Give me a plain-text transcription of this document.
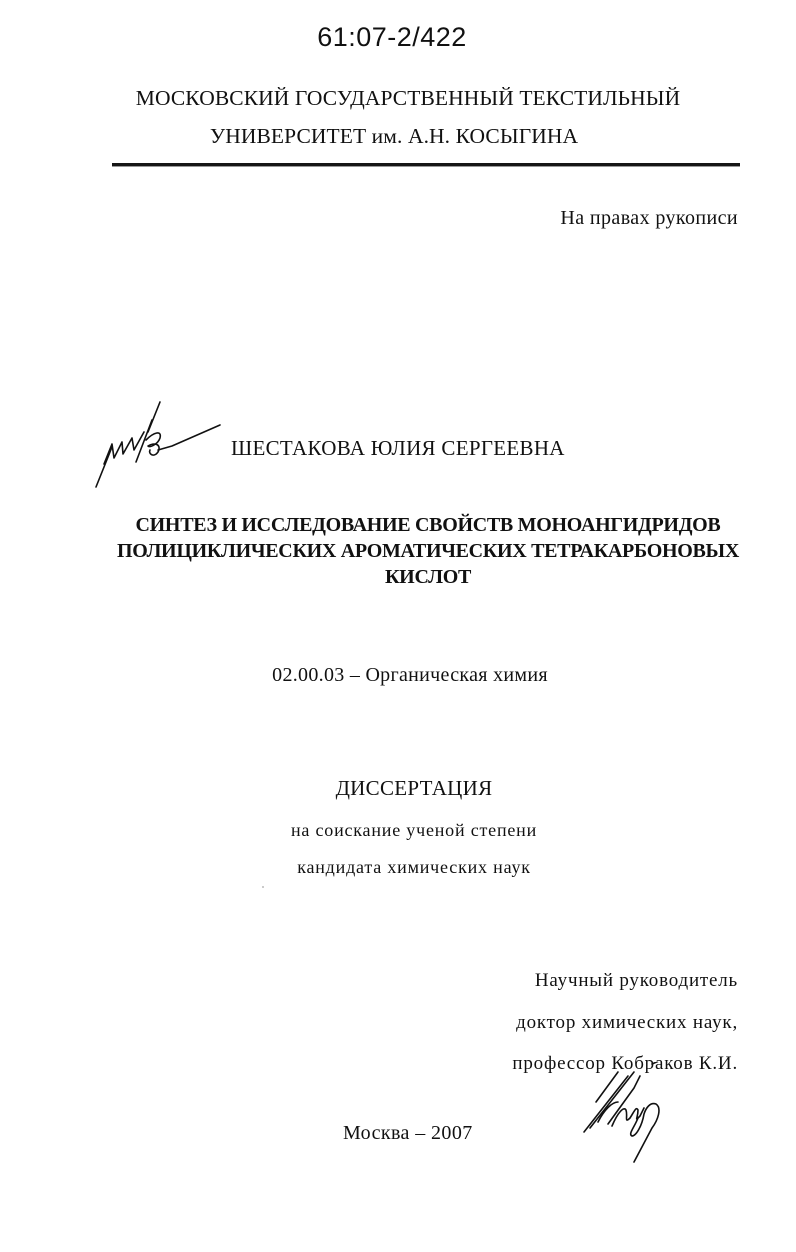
61:07-2/422
МОСКОВСКИЙ ГОСУДАРСТВЕННЫЙ ТЕКСТИЛЬНЫЙ
УНИВЕРСИТЕТ им. А.Н. КОСЫГИНА
На правах рукописи
ШЕСТАКОВА ЮЛИЯ СЕРГЕЕВНА
СИНТЕЗ И ИССЛЕДОВАНИЕ СВОЙСТВ МОНОАНГИДРИДОВ
ПОЛИЦИКЛИЧЕСКИХ АРОМАТИЧЕСКИХ ТЕТРАКАРБОНОВЫХ
КИСЛОТ
02.00.03 – Органическая химия
ДИССЕРТАЦИЯ
на соискание ученой степени
кандидата химических наук
Научный руководитель
доктор химических наук,
профессор Кобраков К.И.
Москва – 2007
